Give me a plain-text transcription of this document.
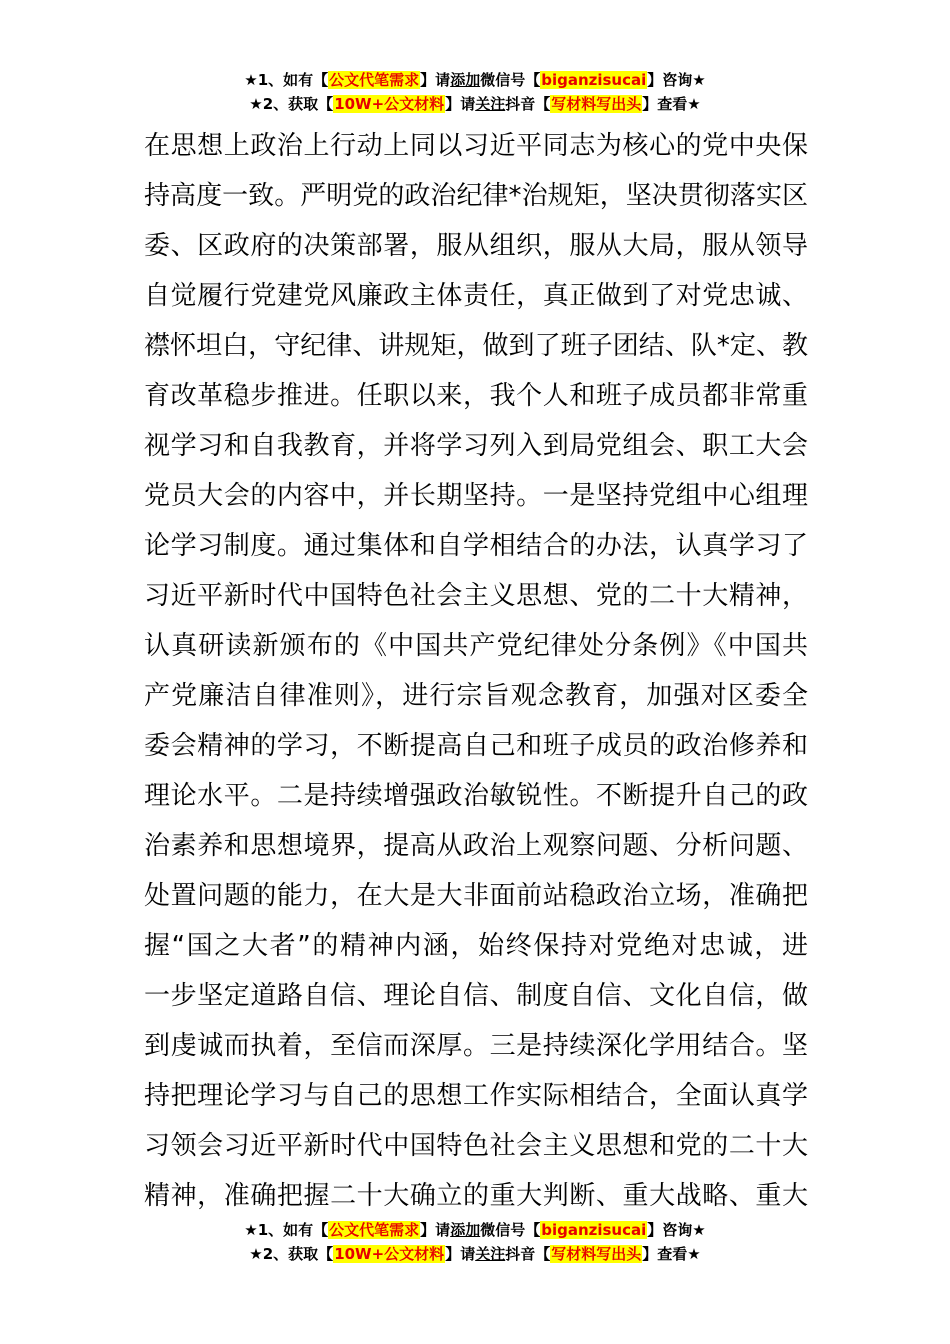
★1、如有【公文代笔需求】请添加微信号【biganzisucai】咨询★
★2、获取【10W+公文材料】请关注抖音【写材料写出头】查看★
在思想上政治上行动上同以习近平同志为核心的党中央保
持高度一致。严明党的政治纪律*治规矩，坚决贯彻落实区
委、区政府的决策部署，服从组织，服从大局，服从领导
自觉履行党建党风廉政主体责任，真正做到了对党忠诚、
襟怀坦白，守纪律、讲规矩，做到了班子团结、队*定、教
育改革稳步推进。任职以来，我个人和班子成员都非常重
视学习和自我教育，并将学习列入到局党组会、职工大会
党员大会的内容中，并长期坚持。一是坚持党组中心组理
论学习制度。通过集体和自学相结合的办法，认真学习了
习近平新时代中国特色社会主义思想、党的二十大精神，
认真研读新颁布的《中国共产党纪律处分条例》《中国共
产党廉洁自律准则》，进行宗旨观念教育，加强对区委全
委会精神的学习，不断提高自己和班子成员的政治修养和
理论水平。二是持续增强政治敏锐性。不断提升自己的政
治素养和思想境界，提高从政治上观察问题、分析问题、
处置问题的能力，在大是大非面前站稳政治立场，准确把
握“国之大者”的精神内涵，始终保持对党绝对忠诚，进
一步坚定道路自信、理论自信、制度自信、文化自信，做
到虔诚而执着，至信而深厚。三是持续深化学用结合。坚
持把理论学习与自己的思想工作实际相结合，全面认真学
习领会习近平新时代中国特色社会主义思想和党的二十大
精神，准确把握二十大确立的重大判断、重大战略、重大
★1、如有【公文代笔需求】请添加微信号【biganzisucai】咨询★
★2、获取【10W+公文材料】请关注抖音【写材料写出头】查看★
